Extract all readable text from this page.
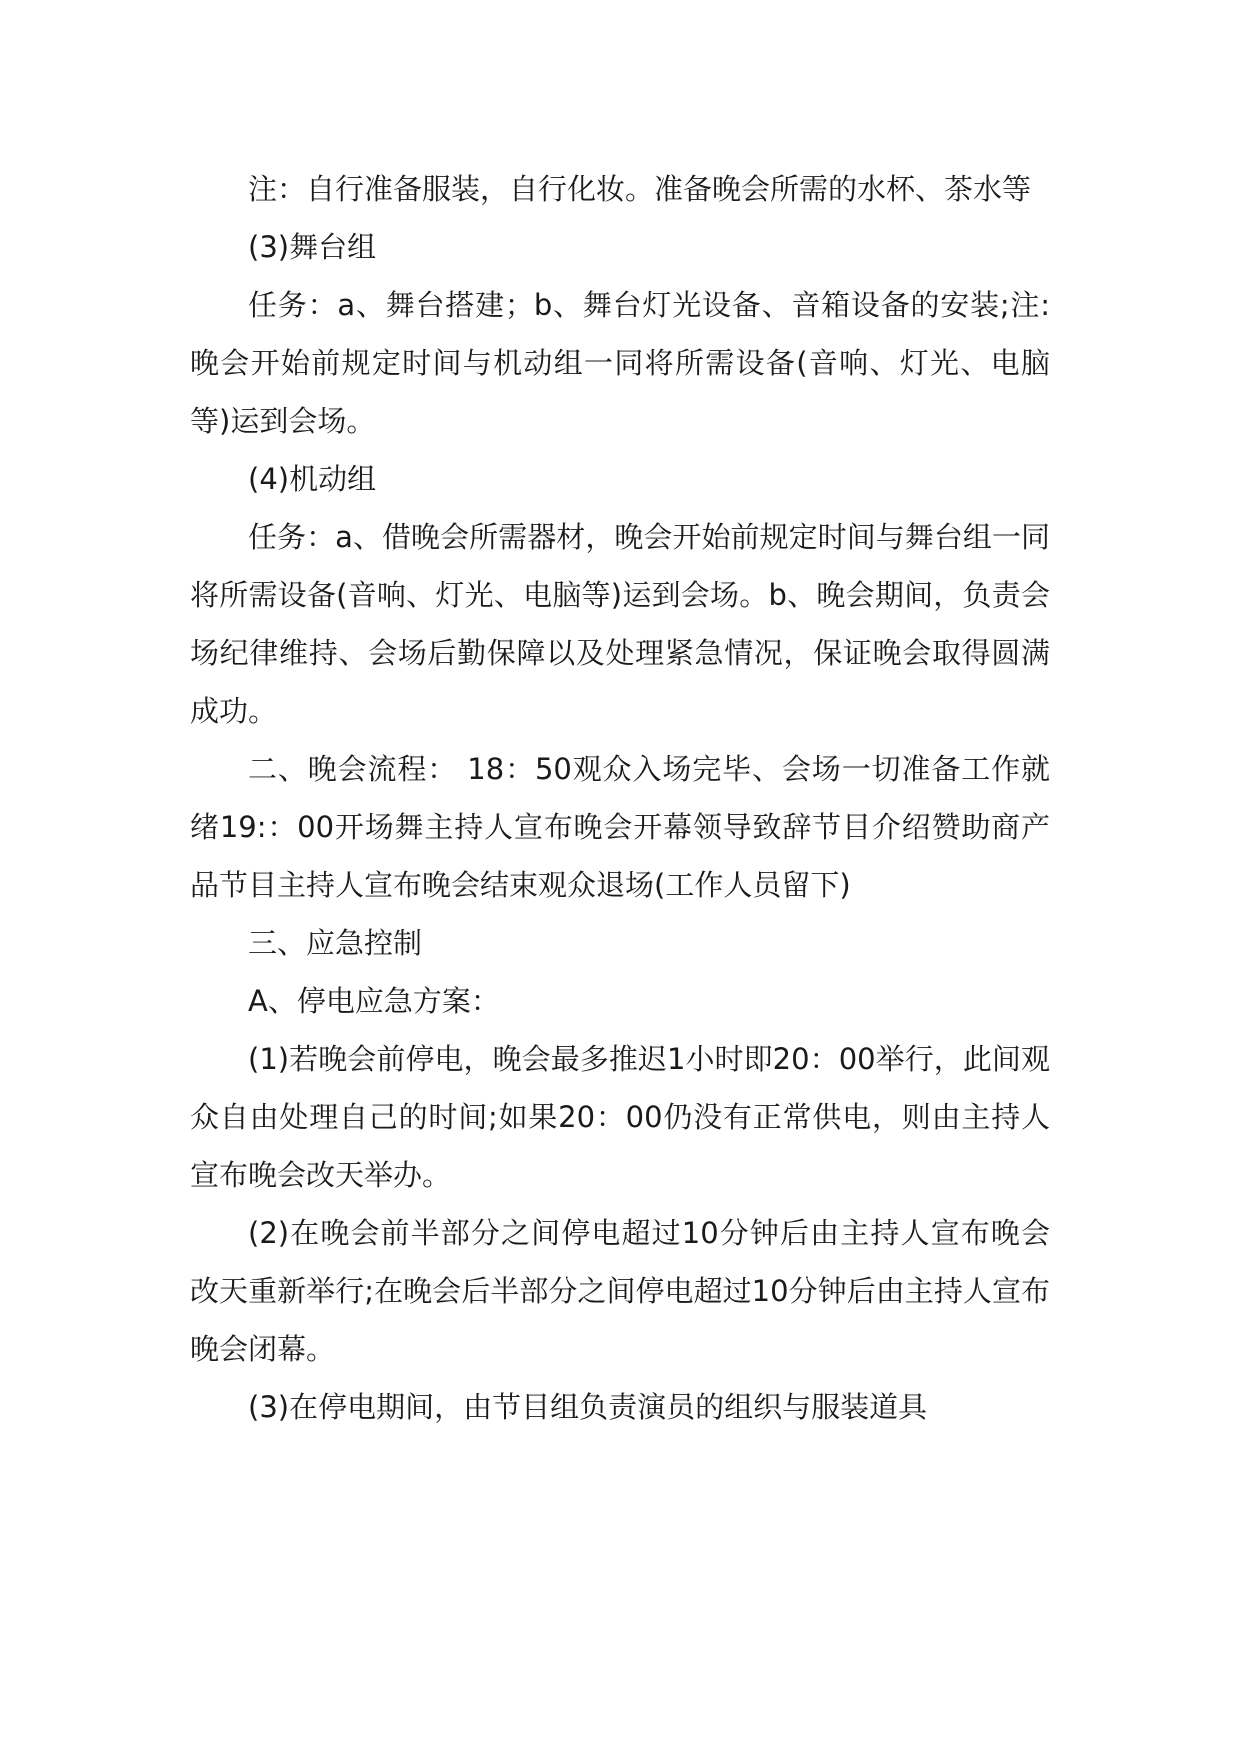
注：自行准备服装，自行化妆。准备晚会所需的水杯、茶水等

(3)舞台组

任务：a、舞台搭建；b、舞台灯光设备、音箱设备的安装;注:晚会开始前规定时间与机动组一同将所需设备(音响、灯光、电脑等)运到会场。

(4)机动组

任务：a、借晚会所需器材，晚会开始前规定时间与舞台组一同将所需设备(音响、灯光、电脑等)运到会场。b、晚会期间，负责会场纪律维持、会场后勤保障以及处理紧急情况，保证晚会取得圆满成功。

二、晚会流程： 18：50观众入场完毕、会场一切准备工作就绪19:：00开场舞主持人宣布晚会开幕领导致辞节目介绍赞助商产品节目主持人宣布晚会结束观众退场(工作人员留下)

三、应急控制

A、停电应急方案：

(1)若晚会前停电，晚会最多推迟1小时即20：00举行，此间观众自由处理自己的时间;如果20：00仍没有正常供电，则由主持人宣布晚会改天举办。

(2)在晚会前半部分之间停电超过10分钟后由主持人宣布晚会改天重新举行;在晚会后半部分之间停电超过10分钟后由主持人宣布晚会闭幕。

(3)在停电期间，由节目组负责演员的组织与服装道具
